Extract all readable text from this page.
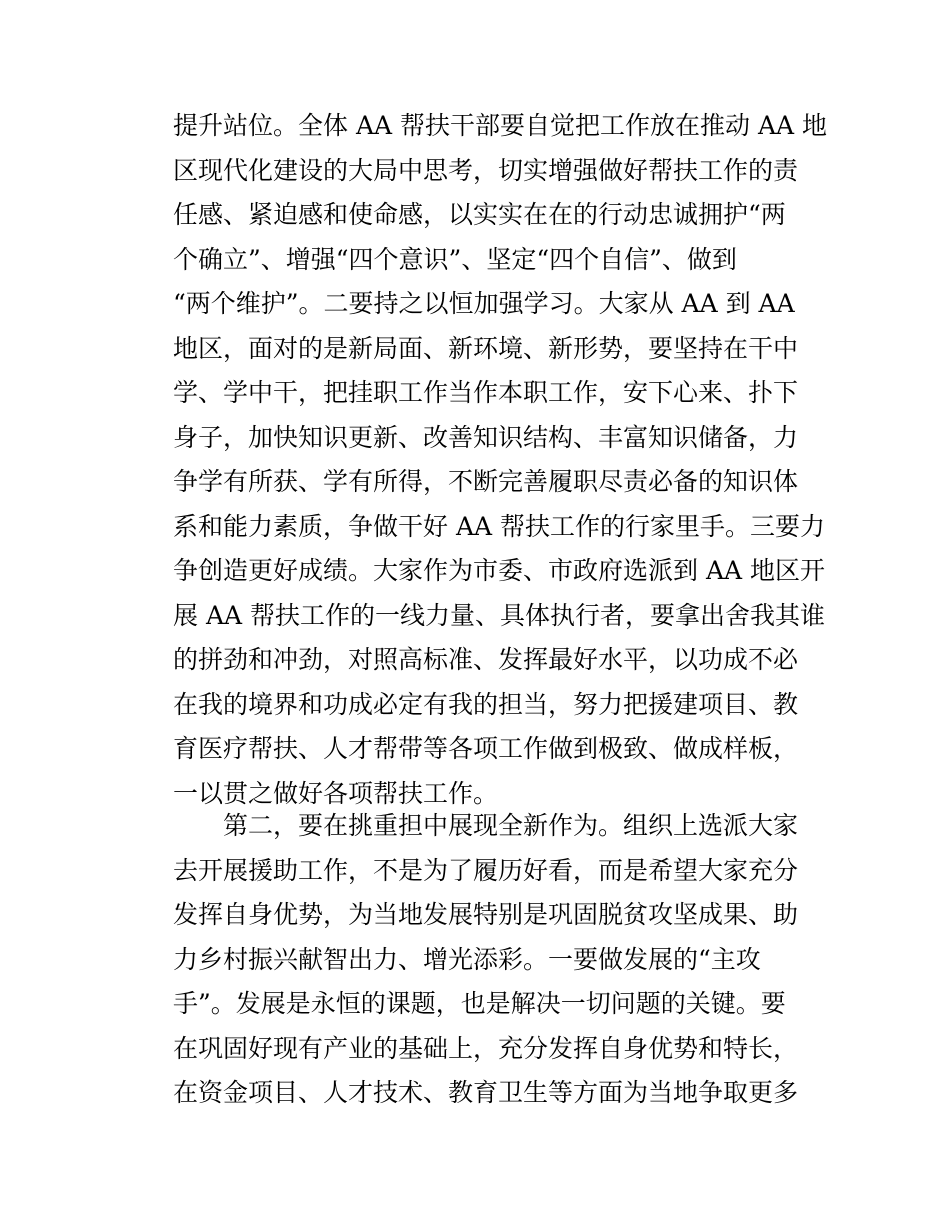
提升站位。全体 AA 帮扶干部要自觉把工作放在推动 AA 地
区现代化建设的大局中思考，切实增强做好帮扶工作的责
任感、紧迫感和使命感，以实实在在的行动忠诚拥护“两
个确立”、增强“四个意识”、坚定“四个自信”、做到
“两个维护”。二要持之以恒加强学习。大家从 AA 到 AA
地区，面对的是新局面、新环境、新形势，要坚持在干中
学、学中干，把挂职工作当作本职工作，安下心来、扑下
身子，加快知识更新、改善知识结构、丰富知识储备，力
争学有所获、学有所得，不断完善履职尽责必备的知识体
系和能力素质，争做干好 AA 帮扶工作的行家里手。三要力
争创造更好成绩。大家作为市委、市政府选派到 AA 地区开
展 AA 帮扶工作的一线力量、具体执行者，要拿出舍我其谁
的拼劲和冲劲，对照高标准、发挥最好水平，以功成不必
在我的境界和功成必定有我的担当，努力把援建项目、教
育医疗帮扶、人才帮带等各项工作做到极致、做成样板，
一以贯之做好各项帮扶工作。
第二，要在挑重担中展现全新作为。组织上选派大家
去开展援助工作，不是为了履历好看，而是希望大家充分
发挥自身优势，为当地发展特别是巩固脱贫攻坚成果、助
力乡村振兴献智出力、增光添彩。一要做发展的“主攻
手”。发展是永恒的课题，也是解决一切问题的关键。要
在巩固好现有产业的基础上，充分发挥自身优势和特长，
在资金项目、人才技术、教育卫生等方面为当地争取更多
